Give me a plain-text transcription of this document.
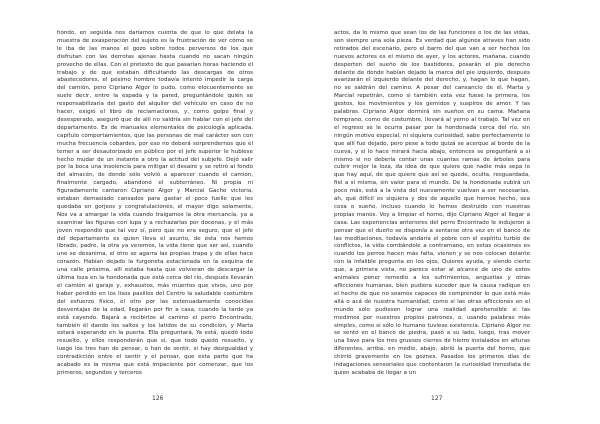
hondo, en seguida nos daríamos cuenta de que lo que delata la muestra de exasperación del sujeto es la frustración de ver cómo se le iba de las manos el gozo sobre todos perversos de los que disfrutan con las derrotas ajenas hasta cuando no sacan ningún provecho de ellas. Con el pretexto de que pasarían horas haciendo el trabajo y de que estaban dificultando las descargas de otros abastecedores, el pésimo hombre todavía intentó impedir la carga del camión, pero Cipriano Algor lo pudo, como elocuentemente se suele decir, entre la espada y la pared, preguntándole quién se responsabilizaría del gasto del alquiler del vehículo en caso de no hacer, exigió el libro de reclamaciones, y, como golpe final y desesperado, aseguró que de allí no saldría sin hablar con el jefe del departamento. Es de manuales elementales de psicología aplicada, capítulo comportamientos, que las personas de mal carácter son con mucha frecuencia cobardes, por eso no deberá sorprendernos que el temer a ser desautorizado en público por el jefe superior le hubiese hecho mudar de un instante a otro la actitud del subjefe. Dejó salir por la boca una insolencia para mitigar el desaire y se retiró al fondo del almacén, de donde sólo volvió a aparecer cuando el camión, finalmente cargado, abandonó el subterráneo. Ni propia ni figuradamente cantaron Cipriano Algor y Marcial Gacho victoria, estaban demasiado cansados para gastar el poco fuelle que les quedaba en gorjeos y congratulaciones, el mayor digo solamente, Nos va a amargar la vida cuando traigamos la otra mercancía, ya a examinar las figuras con lupa y a rechazarlas por docenas, y el más joven respondió que tal vez sí, pero que no era seguro, que el jefe del departamento es quien lleva el asunto, de ésta nos hemos librado, padre, la otra ya veremos, la vida tiene que ser así, cuando uno se desanima, el otro se agarra las propias trapa y de ellas hace corazón. Habían dejado la furgoneta estacionada en la esquina de una calle próxima, allí estaba hasta que volvieran de descargar la última loza en la hondonada que está cerca del río, después llevarán el camión al garaje y, exhaustos, más muertos que vivos, uno por haber perdido en los lisos pasillos del Centro la saludable costumbre del esfuerzo físico, el otro por las extenuadamente conocidas desventajas de la edad, llegarán por fin a casa, cuando la tarde ya está cayendo. Bajará a recibirlos al camino el perro Encontrado, también él dando los saltos y los latidos de su condición, y Marta estará esperando en la puerta. Ella preguntará, Ya está, quedó todo resuelto, y ellos responderán que sí, que todo quedó resuelto, y luego los tres han de pensar, o han de sentir, si hay desigualdad y contradicción entre el sentir y el pensar, que esta parte que ha acabado es la misma que está impaciente por comenzar, que los primeros, segundos y terceros

126

actos, da lo mismo que sean los de las funciones o los de las vidas, son siempre una sola pieza. Es verdad que algunos atraves han sido retirados del escenario, pero el barro del que van a ser hechos los nuevos actores es el mismo de ayer, y los actores, mañana, cuando desperten del sueño de los bastidores, posarán el pie derecho delante de donde habían dejado la marca del pie izquierdo, después avanzarán el izquierdo delante del derecho, y, hagan lo que hagan, no se saldrán del camino. A pesar del cansancio de él, Marta y Marcial repetirán, como si también esta vez fuese la primera, los gestos, los movimientos y los gemidos y suspiros de amor. Y las palabras. Cipriano Algor dormirá sin sueños en su cama. Mañana temprano, como de costumbre, llevará al yerno al trabajo. Tal vez en el regreso se le ocurra pasar por la hondonada cerca del río, sin ningún motivo especial, ni siquiera curiosidad, sabe perfectamente lo que allí fue dejado, pero pese a todo quizá se acerque al borde de la cueva, y si lo hace mirará hacia abajo, entonces se preguntará a sí mismo si no debería contar unas cuantas ramas de árboles para cubrir mejor la loza, da idea de que quiere que nadie más sepa lo que hay aquí, de que quiere que así se quede, oculta, resguardada, fiel a sí misma, sin valor para el mundo. De la hondonada subirá un poco más, está a la vista del nuevamente vuelvan a ser necesarias, ah, qué difícil es siquiera y dos de aquello que hemos hecho, sea cosa o sueño, incluso cuando lo hemos destruido con nuestras propias manos. Voy a limpiar el horno, dijo Cipriano Algor al llegar a casa. Las experiencias anteriores del perro Encontrado le indujeron a pensar que el dueño se disponía a sentarse otra vez en el banco de las meditaciones, todavía andaría el pobre con el espíritu turbio de conflictos, la vida combándole a contramano, en estas ocasiones es cuando los perros hacen más falta, vienen y se nos colocan delante con la infalible pregunta en los ojos, Quieres ayuda, y siendo cierto que, a primera vista, no parece estar al alcance de uno de estos animales poner remedio a los sufrimientos, angustias y otras aflicciones humanas, bien pudiera suceder que la causa radique en el hecho de que no seamos capaces de comprender lo que está más allá o acá de nuestra humanidad, como si las otras aflicciones en el mundo sólo pudiesen lograr una realidad aprehensible si las medimos por nuestros propios patrones, o, usando palabras más simples, como si sólo lo humano tuviese existencia. Cipriano Algor no se sentó en el banco de piedra, pasó a su lado, luego, tras mover una llave para los tres gruesos cierres de hierro instalados en alturas diferentes, arriba, en medio, abajo, abrió la puerta del horno, que chirrió gravemente en los goznes. Pasados los primeros días de indagaciones sensoriales que contentaron la curiosidad inmediata de quien acababa de llegar a un

127
